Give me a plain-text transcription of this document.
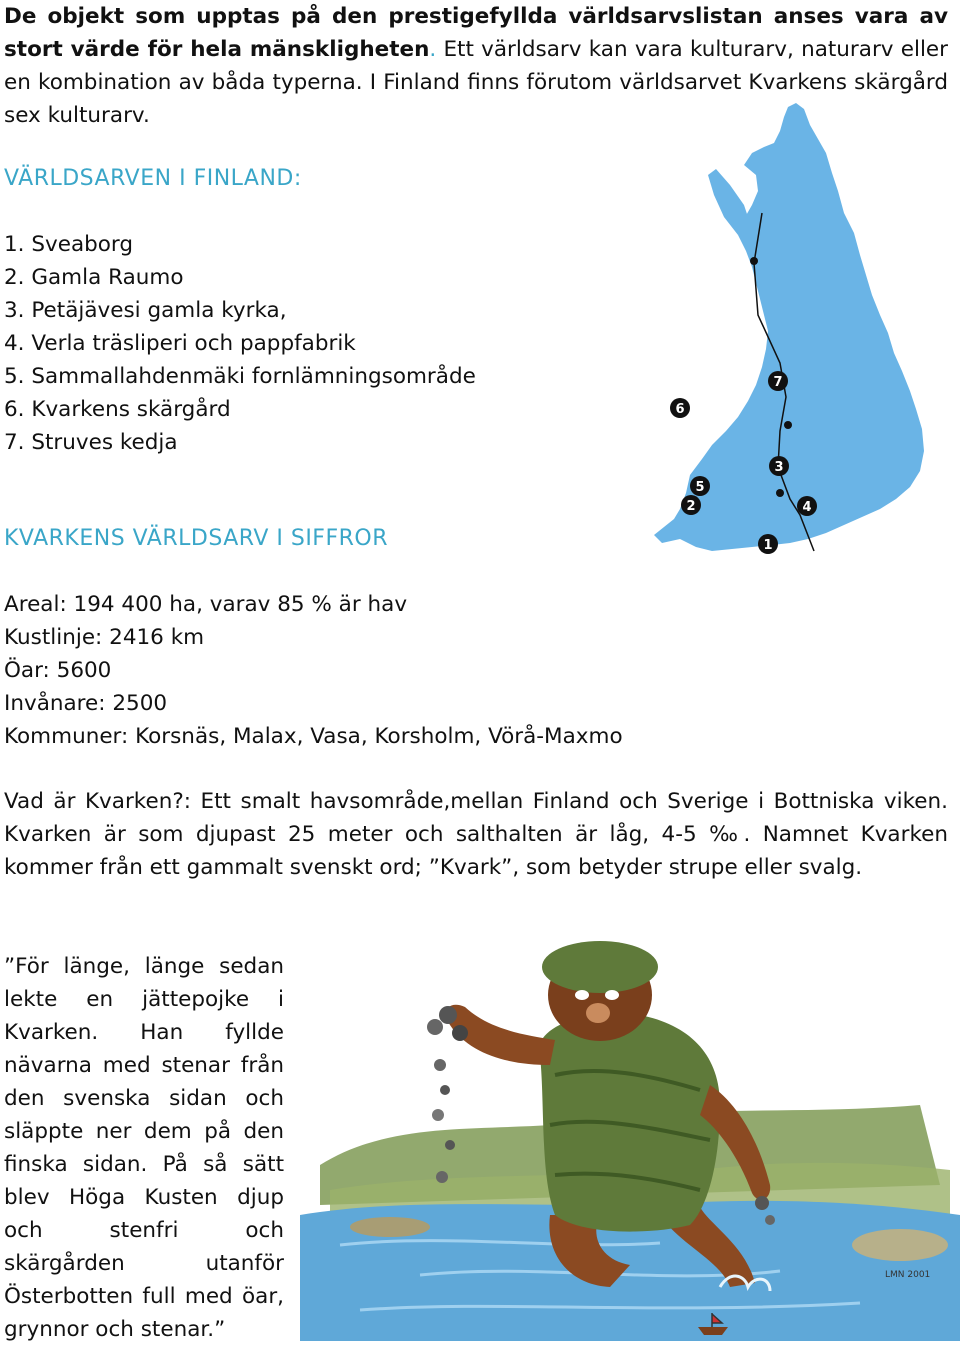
De objekt som upptas på den prestigefyllda världsarvslistan anses vara av stort värde för hela mänskligheten. Ett världsarv kan vara kulturarv, naturarv eller en kombination av båda typerna. I Finland finns förutom världsarvet Kvarkens skärgård sex kulturarv.
VÄRLDSARVEN I FINLAND:
1. Sveaborg
2. Gamla Raumo
3. Petäjävesi gamla kyrka,
4. Verla träsliperi och pappfabrik
5. Sammallahdenmäki fornlämningsområde
6. Kvarkens skärgård
7. Struves kedja
1
2
3
4
5
6
7
KVARKENS VÄRLDSARV I SIFFROR
Areal: 194 400 ha, varav 85 % är hav
Kustlinje: 2416 km
Öar: 5600
Invånare: 2500
Kommuner: Korsnäs, Malax, Vasa, Korsholm, Vörå-Maxmo
Vad är Kvarken?: Ett smalt havsområde,mellan Finland och Sverige i Bottniska viken. Kvarken är som djupast 25 meter och salthalten är låg, 4-5 ‰. Namnet Kvarken kommer från ett gammalt svenskt ord; ”Kvark”, som betyder strupe eller svalg.
”För länge, länge sedan lekte en jättepojke i Kvarken. Han fyllde nävarna med stenar från den svenska sidan och släppte ner dem på den finska sidan. På så sätt blev Höga Kusten djup och stenfri och skärgården utanför Österbotten full med öar, grynnor och stenar.”
LMN 2001
